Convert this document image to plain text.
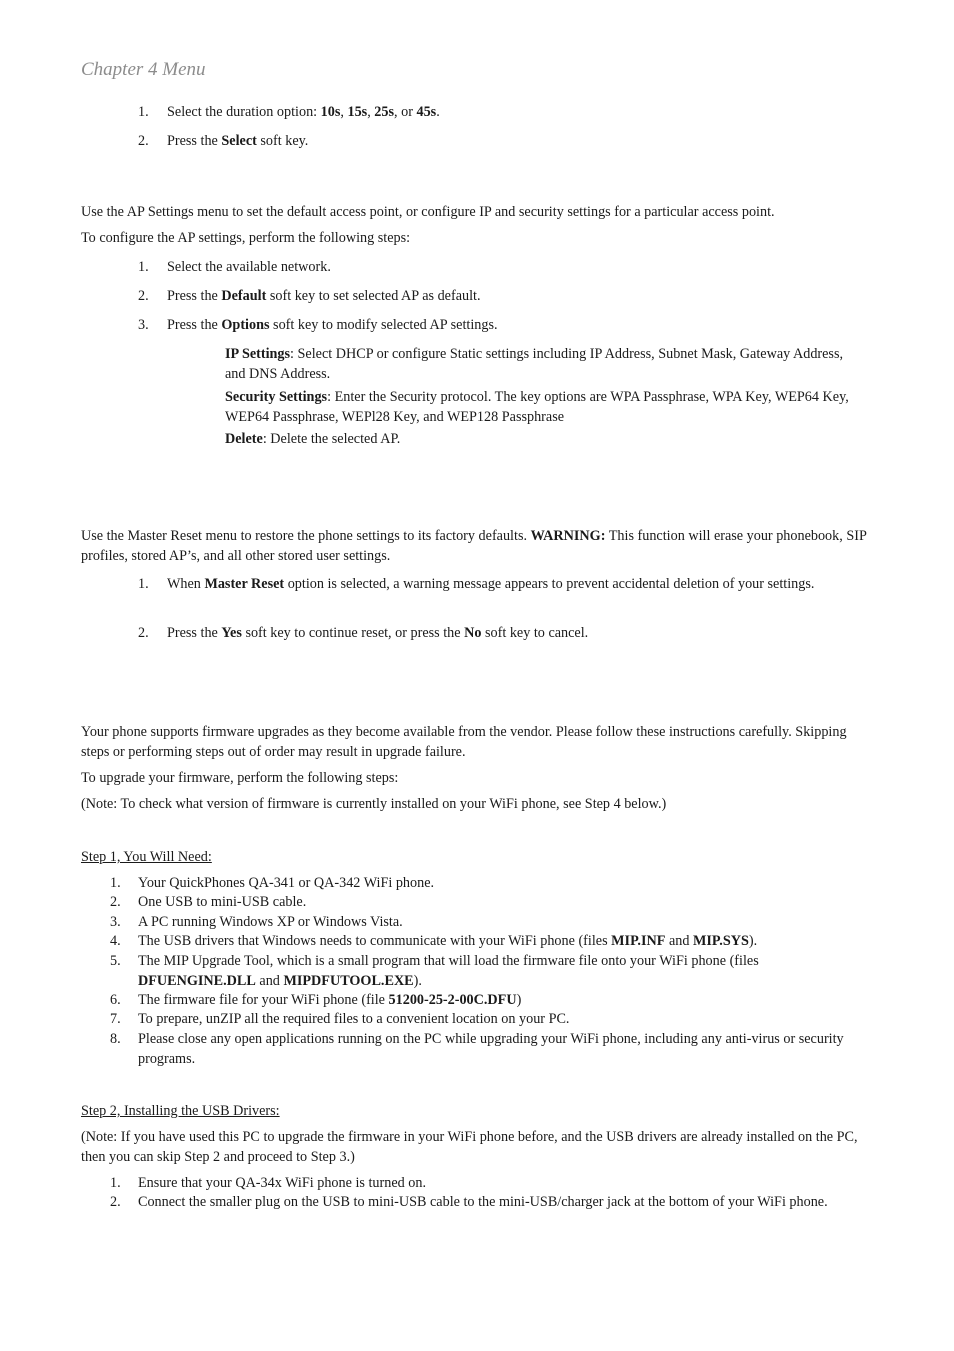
Chapter 4 Menu
1.	Select the duration option: 10s, 15s, 25s, or 45s.
2.	Press the Select soft key.
Use the AP Settings menu to set the default access point, or configure IP and security settings for a particular access point.
To configure the AP settings, perform the following steps:
1.	Select the available network.
2.	Press the Default soft key to set selected AP as default.
3.	Press the Options soft key to modify selected AP settings.
IP Settings: Select DHCP or configure Static settings including IP Address, Subnet Mask, Gateway Address, and DNS Address.
Security Settings: Enter the Security protocol. The key options are WPA Passphrase, WPA Key, WEP64 Key, WEP64 Passphrase, WEPl28 Key, and WEP128 Passphrase
Delete: Delete the selected AP.
Use the Master Reset menu to restore the phone settings to its factory defaults. WARNING: This function will erase your phonebook, SIP profiles, stored AP’s, and all other stored user settings.
1.	When Master Reset option is selected, a warning message appears to prevent accidental deletion of your settings.
2.	Press the Yes soft key to continue reset, or press the No soft key to cancel.
Your phone supports firmware upgrades as they become available from the vendor. Please follow these instructions carefully. Skipping steps or performing steps out of order may result in upgrade failure.
To upgrade your firmware, perform the following steps:
(Note: To check what version of firmware is currently installed on your WiFi phone, see Step 4 below.)
Step 1, You Will Need:
1.	Your QuickPhones QA-341 or QA-342 WiFi phone.
2.	One USB to mini-USB cable.
3.	A PC running Windows XP or Windows Vista.
4.	The USB drivers that Windows needs to communicate with your WiFi phone (files MIP.INF and MIP.SYS).
5.	The MIP Upgrade Tool, which is a small program that will load the firmware file onto your WiFi phone (files DFUENGINE.DLL and MIPDFUTOOL.EXE).
6.	The firmware file for your WiFi phone (file 51200-25-2-00C.DFU)
7.	To prepare, unZIP all the required files to a convenient location on your PC.
8.	Please close any open applications running on the PC while upgrading your WiFi phone, including any anti-virus or security programs.
Step 2, Installing the USB Drivers:
(Note: If you have used this PC to upgrade the firmware in your WiFi phone before, and the USB drivers are already installed on the PC, then you can skip Step 2 and proceed to Step 3.)
1.	Ensure that your QA-34x WiFi phone is turned on.
2.	Connect the smaller plug on the USB to mini-USB cable to the mini-USB/charger jack at the bottom of your WiFi phone.
